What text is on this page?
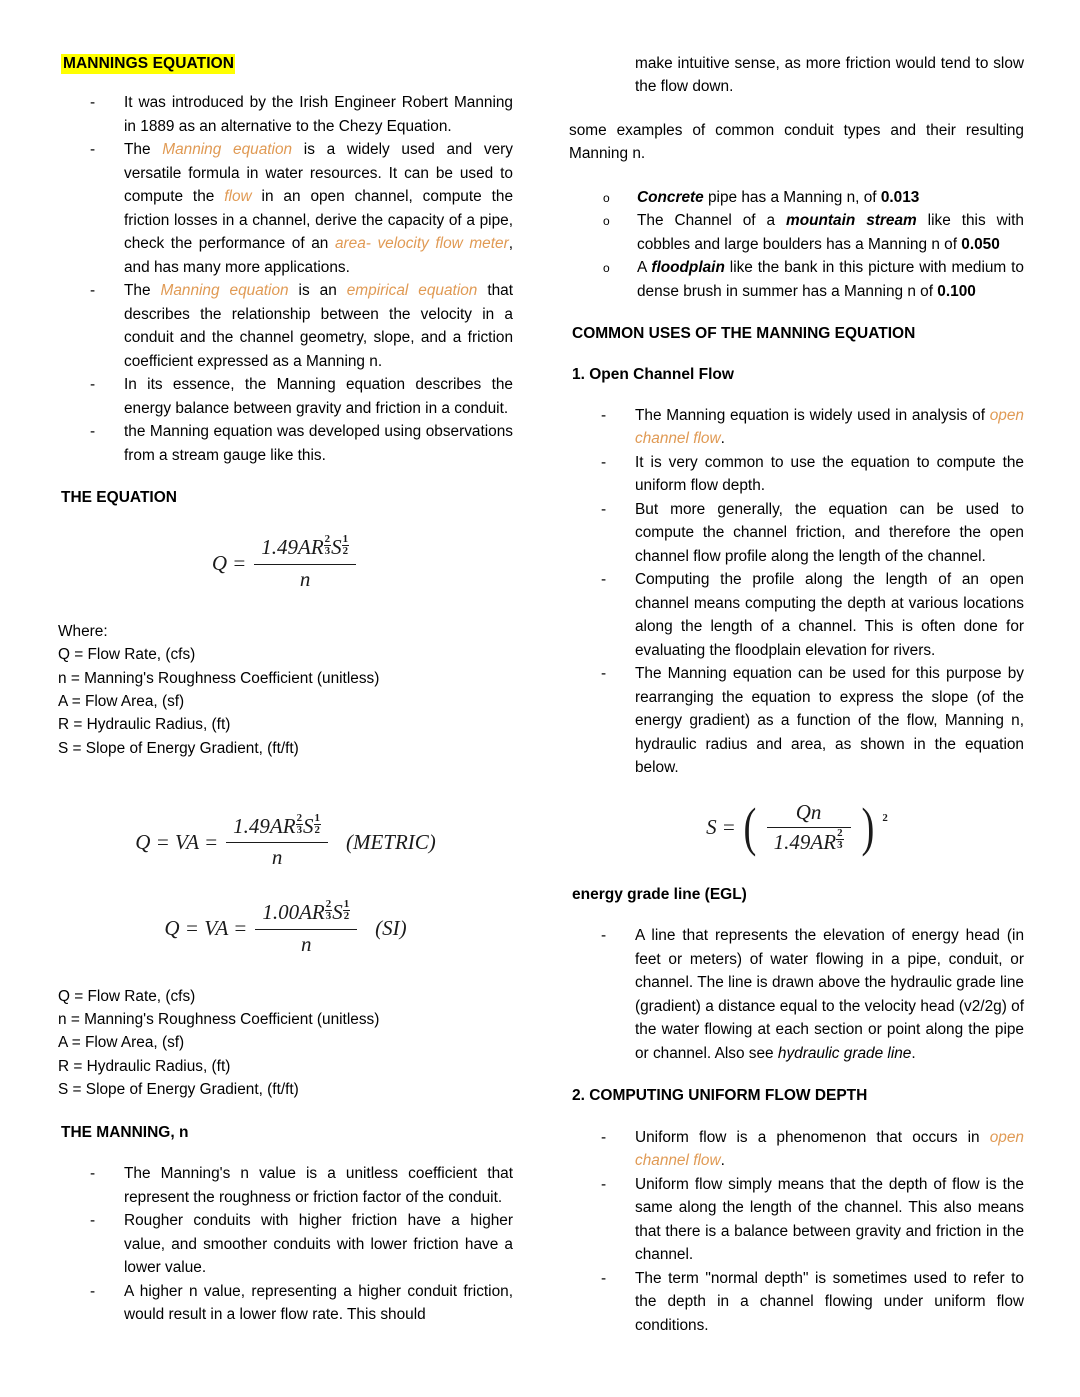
MANNINGS EQUATION
- It was introduced by the Irish Engineer Robert Manning in 1889 as an alternative to the Chezy Equation.
- The Manning equation is a widely used and very versatile formula in water resources. It can be used to compute the flow in an open channel, compute the friction losses in a channel, derive the capacity of a pipe, check the performance of an area- velocity flow meter, and has many more applications.
- The Manning equation is an empirical equation that describes the relationship between the velocity in a conduit and the channel geometry, slope, and a friction coefficient expressed as a Manning n.
- In its essence, the Manning equation describes the energy balance between gravity and friction in a conduit.
- the Manning equation was developed using observations from a stream gauge like this.
THE EQUATION
$Q = \frac{1.49AR \frac{2}{3} S \frac{1}{2}}{n}$
Where:
Q = Flow Rate, (cfs)
n = Manning's Roughness Coefficient (unitless)
A = Flow Area, (sf)
R = Hydraulic Radius, (ft)
S = Slope of Energy Gradient, (ft/ft)
Q = VA = $\frac{1.49AR \frac{2}{3} S \frac{1}{2}}{n}$ (METRIC)
Q = VA = $\frac{1.00AR \frac{2}{3} S \frac{1}{2}}{n} (SI)$
Q = Flow Rate, (cfs)
n = Manning's Roughness Coefficient (unitless)
A = Flow Area, (sf)
R = Hydraulic Radius, (ft)
S = Slope of Energy Gradient, (ft/ft)
THE MANNING, n
- The Manning's n value is a unitless coefficient that represent the roughness or friction factor of the conduit.
- Rougher conduits with higher friction have a higher value, and smoother conduits with lower friction have a lower value.
- A higher n value, representing a higher conduit friction, would result in a lower flow rate. This should
make intuitive sense, as more friction would tend to slow the flow down.
some examples of common conduit types and their resulting Manning n.
o Concrete pipe has a Manning n, of 0.013
o The Channel of a mountain stream like this with cobbles and large boulders has a Manning n of 0.050
o A floodplain like the bank in this picture with medium to dense brush in summer has a Manning n of 0.100
COMMON USES OF THE MANNING EQUATION
1. Open Channel Flow
- The Manning equation is widely used in analysis of open channel flow.
- It is very common to use the equation to compute the uniform flow depth.
- But more generally, the equation can be used to compute the channel friction, and therefore the open channel flow profile along the length of the channel.
- Computing the profile along the length of an open channel means computing the depth at various locations along the length of a channel. This is often done for evaluating the floodplain elevation for rivers.
- The Manning equation can be used for this purpose by rearranging the equation to express the slope (of the energy gradient) as a function of the flow, Manning n, hydraulic radius and area, as shown in the equation below.
S = ( $\frac{Qn}{1.49AR \frac{2}{3}}$ ) 2
energy grade line (EGL)
- A line that represents the elevation of energy head (in feet or meters) of water flowing in a pipe, conduit, or channel. The line is drawn above the hydraulic grade line (gradient) a distance equal to the velocity head (v2/2g) of the water flowing at each section or point along the pipe or channel. Also see hydraulic grade line.
2. COMPUTING UNIFORM FLOW DEPTH
- Uniform flow is a phenomenon that occurs in open channel flow.
- Uniform flow simply means that the depth of flow is the same along the length of the channel. This also means that there is a balance between gravity and friction in the channel.
- The term "normal depth" is sometimes used to refer to the depth in a channel flowing under uniform flow conditions.
